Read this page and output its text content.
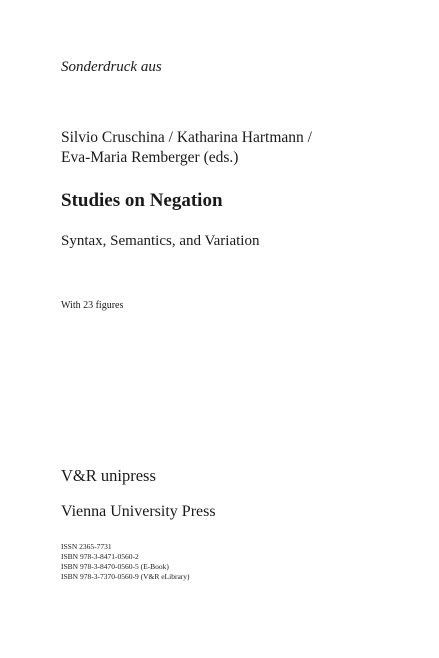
Sonderdruck aus

Silvio Cruschina / Katharina Hartmann /
Eva-Maria Remberger (eds.)

Studies on Negation

Syntax, Semantics, and Variation

With 23 figures

V&R unipress

Vienna University Press

ISSN 2365-7731
ISBN 978-3-8471-0560-2
ISBN 978-3-8470-0560-5 (E-Book)
ISBN 978-3-7370-0560-9 (V&R eLibrary)
